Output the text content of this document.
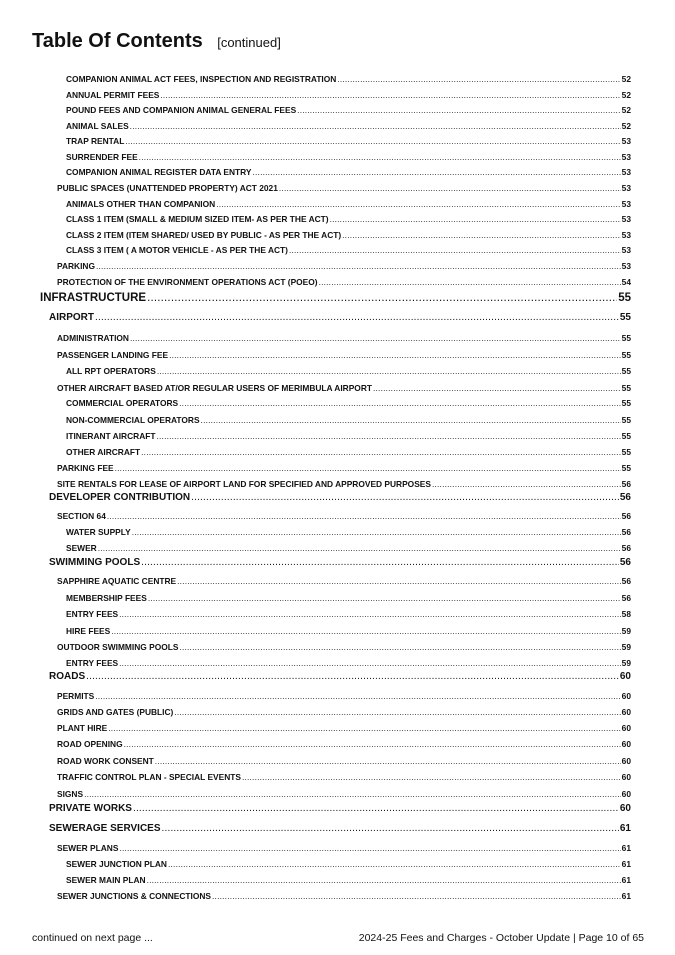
Table Of Contents [continued]
COMPANION ANIMAL ACT FEES, INSPECTION AND REGISTRATION .....	52
ANNUAL PERMIT FEES .....	52
POUND FEES AND COMPANION ANIMAL GENERAL FEES .....	52
ANIMAL SALES .....	52
TRAP RENTAL .....	53
SURRENDER FEE .....	53
COMPANION ANIMAL REGISTER DATA ENTRY .....	53
PUBLIC SPACES (UNATTENDED PROPERTY) ACT 2021 .....	53
ANIMALS OTHER THAN COMPANION .....	53
CLASS 1 ITEM (SMALL & MEDIUM SIZED ITEM- AS PER THE ACT) .....	53
CLASS 2 ITEM (ITEM SHARED/ USED BY PUBLIC - AS PER THE ACT) .....	53
CLASS 3 ITEM ( A MOTOR VEHICLE - AS PER THE ACT) .....	53
PARKING .....	53
PROTECTION OF THE ENVIRONMENT OPERATIONS ACT (POEO) .....	54
INFRASTRUCTURE .....	55
AIRPORT .....	55
ADMINISTRATION .....	55
PASSENGER LANDING FEE .....	55
ALL RPT OPERATORS .....	55
OTHER AIRCRAFT BASED AT/OR REGULAR USERS OF MERIMBULA AIRPORT .....	55
COMMERCIAL OPERATORS .....	55
NON-COMMERCIAL OPERATORS .....	55
ITINERANT AIRCRAFT .....	55
OTHER AIRCRAFT .....	55
PARKING FEE .....	55
SITE RENTALS FOR LEASE OF AIRPORT LAND FOR SPECIFIED AND APPROVED PURPOSES .....	56
DEVELOPER CONTRIBUTION .....	56
SECTION 64 .....	56
WATER SUPPLY .....	56
SEWER .....	56
SWIMMING POOLS .....	56
SAPPHIRE AQUATIC CENTRE .....	56
MEMBERSHIP FEES .....	56
ENTRY FEES .....	58
HIRE FEES .....	59
OUTDOOR SWIMMING POOLS .....	59
ENTRY FEES .....	59
ROADS .....	60
PERMITS .....	60
GRIDS AND GATES (PUBLIC) .....	60
PLANT HIRE .....	60
ROAD OPENING .....	60
ROAD WORK CONSENT .....	60
TRAFFIC CONTROL PLAN - SPECIAL EVENTS .....	60
SIGNS .....	60
PRIVATE WORKS .....	60
SEWERAGE SERVICES .....	61
SEWER PLANS .....	61
SEWER JUNCTION PLAN .....	61
SEWER MAIN PLAN .....	61
SEWER JUNCTIONS & CONNECTIONS .....	61
continued on next page ...	2024-25 Fees and Charges - October Update | Page 10 of 65
